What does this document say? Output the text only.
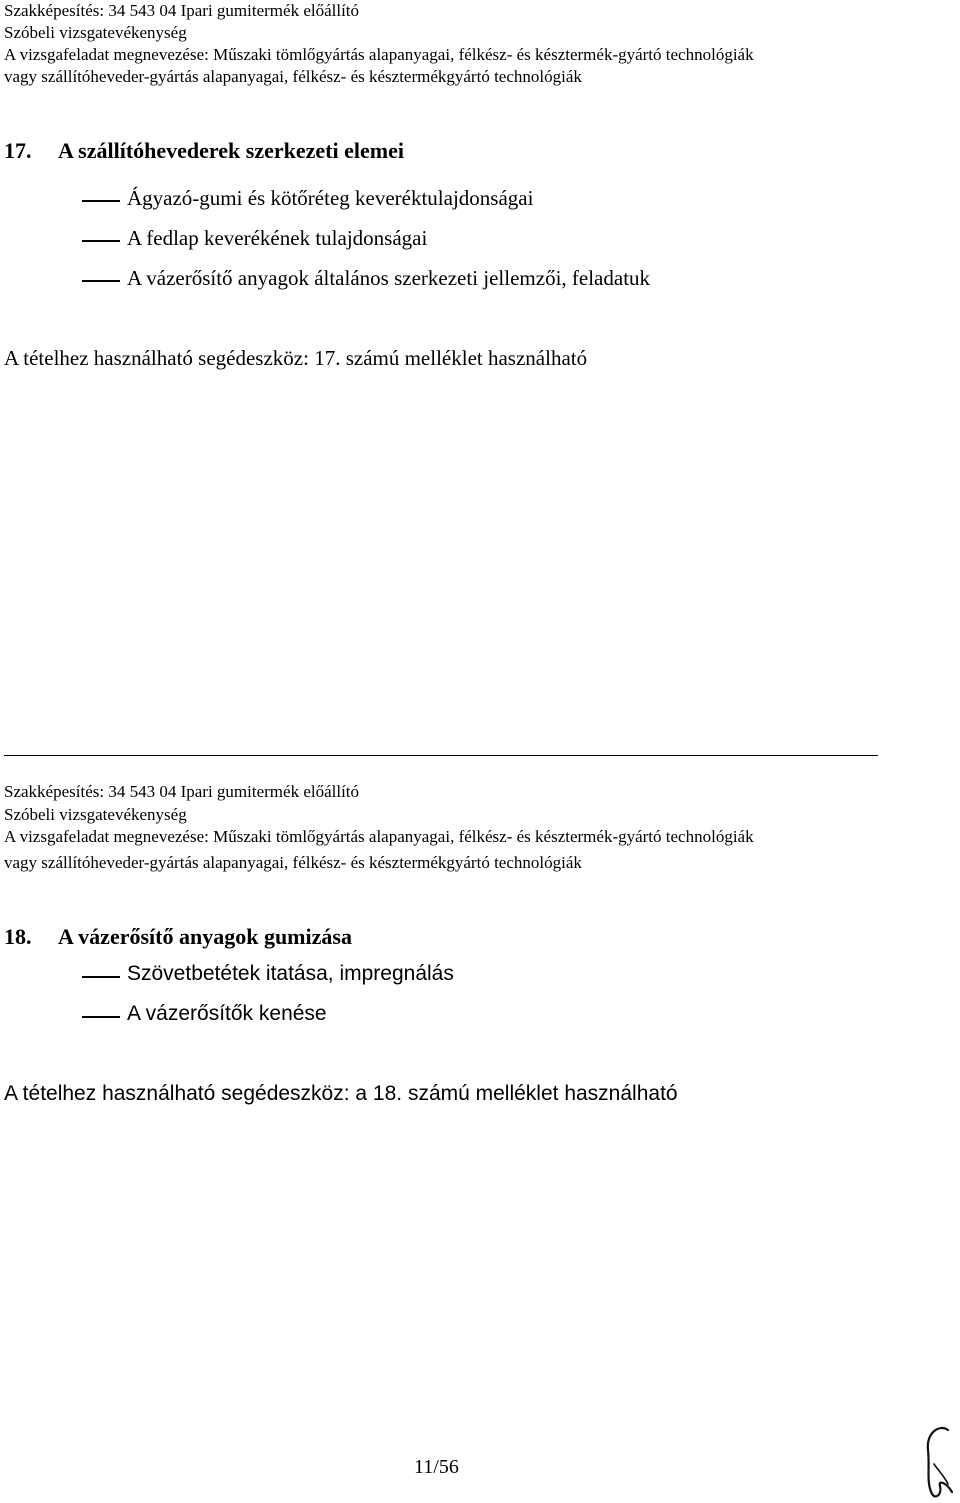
Szakképesítés: 34 543 04 Ipari gumitermék előállító
Szóbeli vizsgatevékenység
A vizsgafeladat megnevezése: Műszaki tömlőgyártás alapanyagai, félkész- és késztermék-gyártó technológiák
vagy szállítóheveder-gyártás alapanyagai, félkész- és késztermékgyártó technológiák
17. A szállítóhevederek szerkezeti elemei
Ágyazó-gumi és kötőréteg keveréktulajdonságai
A fedlap keverékének tulajdonságai
A vázerősítő anyagok általános szerkezeti jellemzői, feladatuk
A tételhez használható segédeszköz: 17. számú melléklet használható
Szakképesítés: 34 543 04 Ipari gumitermék előállító
Szóbeli vizsgatevékenység
A vizsgafeladat megnevezése: Műszaki tömlőgyártás alapanyagai, félkész- és késztermék-gyártó technológiák
vagy szállítóheveder-gyártás alapanyagai, félkész- és késztermékgyártó technológiák
18. A vázerősítő anyagok gumizása
Szövetbetétek itatása, impregnálás
A vázerősítők kenése
A tételhez használható segédeszköz: a 18. számú melléklet használható
11/56
